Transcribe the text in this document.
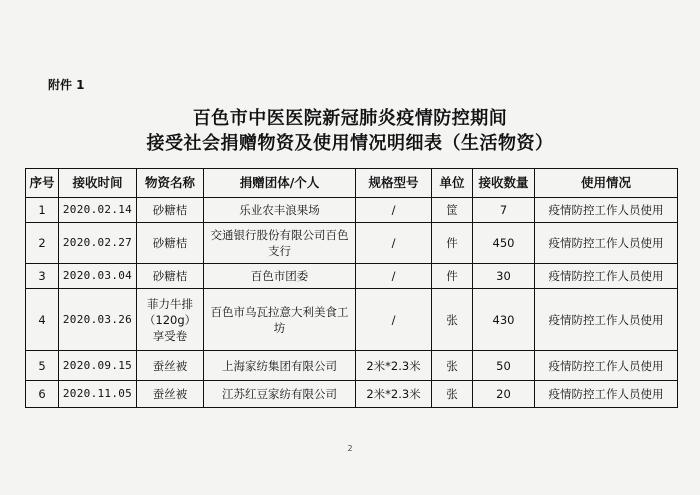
附件 1
百色市中医医院新冠肺炎疫情防控期间
接受社会捐赠物资及使用情况明细表（生活物资）
序号	接收时间	物资名称	捐赠团体/个人	规格型号	单位	接收数量	使用情况
1	2020.02.14	砂糖桔	乐业农丰浪果场	/	筐	7	疫情防控工作人员使用
2	2020.02.27	砂糖桔	交通银行股份有限公司百色支行	/	件	450	疫情防控工作人员使用
3	2020.03.04	砂糖桔	百色市团委	/	件	30	疫情防控工作人员使用
4	2020.03.26	菲力牛排（120g）享受卷	百色市乌瓦拉意大利美食工坊	/	张	430	疫情防控工作人员使用
5	2020.09.15	蚕丝被	上海家纺集团有限公司	2米*2.3米	张	50	疫情防控工作人员使用
6	2020.11.05	蚕丝被	江苏红豆家纺有限公司	2米*2.3米	张	20	疫情防控工作人员使用
2
